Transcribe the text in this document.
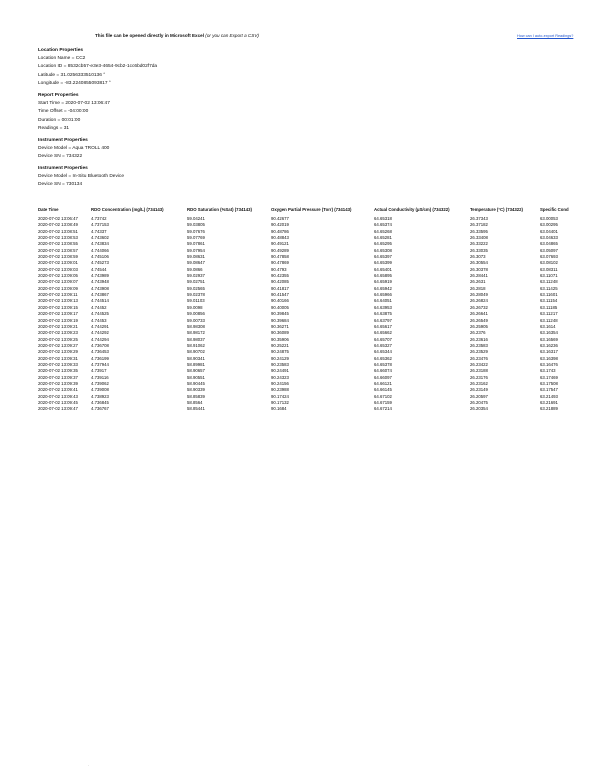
This file can be opened directly in Microsoft Excel (or you can Export a CSV)	How can I auto-export Readings?
Location Properties
Location Name = CC2
Location ID = 8532cb57-e3e3-4654-9cb2-1cc6bd02f7da
Latitude = 31.0256333510136 °
Longitude = -83.2240855093817 °
Report Properties
Start Time = 2020-07-02 13:06:47
Time Offset = -04:00:00
Duration = 00:01:00
Readings = 31
Instrument Properties
Device Model = Aqua TROLL 400
Device SN = 734322
Instrument Properties
Device Model = In-Situ Bluetooth Device
Device SN = 730134
Date Time	RDO Concentration (mg/L) (734143)	RDO Saturation (%Sat) (734143)	Oxygen Partial Pressure (Torr) (734143)	Actual Conductivity (µS/cm) (734322)	Temperature (°C) (734322)	Specific Cond
2020-07-02 13:06:47	4.73742	59.04241	90.42677	64.65318	26.37343	63.00053
2020-07-02 13:08:49	4.737153	59.03805	90.42019	64.65374	26.37182	63.00295
2020-07-02 13:08:51	4.74337	59.07676	90.48786	64.65268	26.33595	63.04401
2020-07-02 13:08:53	4.743602	59.07769	90.48843	64.65281	26.33408	63.04633
2020-07-02 13:08:55	4.743834	59.07861	90.49121	64.65295	26.33222	63.04865
2020-07-02 13:08:57	4.744066	59.07954	90.49289	64.65308	26.33035	63.05097
2020-07-02 13:08:59	4.745106	59.08631	90.47858	64.65397	26.3073	63.07693
2020-07-02 13:09:01	4.745273	59.08647	90.47869	64.65399	26.30554	63.08102
2020-07-02 13:09:03	4.74544	59.0866	90.4793	64.65401	26.30378	63.08311
2020-07-02 13:09:05	4.743989	59.02937	90.42355	64.65895	26.28441	63.11071
2020-07-02 13:09:07	4.743948	59.02751	90.42085	64.65919	26.2631	63.11248
2020-07-02 13:09:09	4.743908	59.02565	90.41817	64.65942	26.2818	63.11425
2020-07-02 13:09:11	4.743867	59.02378	90.41547	64.65966	26.28049	63.11601
2020-07-02 13:09:13	4.744514	59.01103	90.40166	64.64051	26.26824	63.11154
2020-07-02 13:09:15	4.74452	59.0098	90.40005	64.63953	26.26732	63.11185
2020-07-02 13:09:17	4.744525	59.00856	90.39845	64.63875	26.26641	63.11217
2020-07-02 13:09:19	4.74453	59.00733	90.39684	64.63797	26.26549	63.11248
2020-07-02 13:09:21	4.744291	58.98308	90.36271	64.65617	26.25905	63.1614
2020-07-02 13:09:23	4.744292	58.98172	90.36089	64.65662	26.2376	63.16354
2020-07-02 13:09:25	4.744294	58.98037	90.35906	64.65707	26.23616	63.16569
2020-07-02 13:09:27	4.736708	58.91062	90.25221	64.65327	26.23583	63.16236
2020-07-02 13:09:29	4.736453	58.90702	90.24875	64.65344	26.23529	63.16317
2020-07-02 13:09:31	4.736199	58.90341	90.24129	64.65362	26.23476	63.16398
2020-07-02 13:09:33	4.737944	58.89981	90.23583	64.65378	26.23422	63.16476
2020-07-02 13:09:35	4.73917	58.90657	90.24491	64.66074	26.23188	63.1743
2020-07-02 13:09:37	4.739116	58.90551	90.24323	64.66097	26.23176	63.17469
2020-07-02 13:09:39	4.739062	58.90445	90.24156	64.66121	26.23162	63.17508
2020-07-02 13:09:41	4.739008	58.90339	90.23988	64.66145	26.23149	63.17547
2020-07-02 13:09:43	4.738923	58.85839	90.17424	64.67102	26.20597	63.21493
2020-07-02 13:09:45	4.736845	58.8564	90.17132	64.67159	26.20475	63.21691
2020-07-02 13:09:47	4.736767	58.85441	90.1684	64.67214	26.20354	63.21889
·
